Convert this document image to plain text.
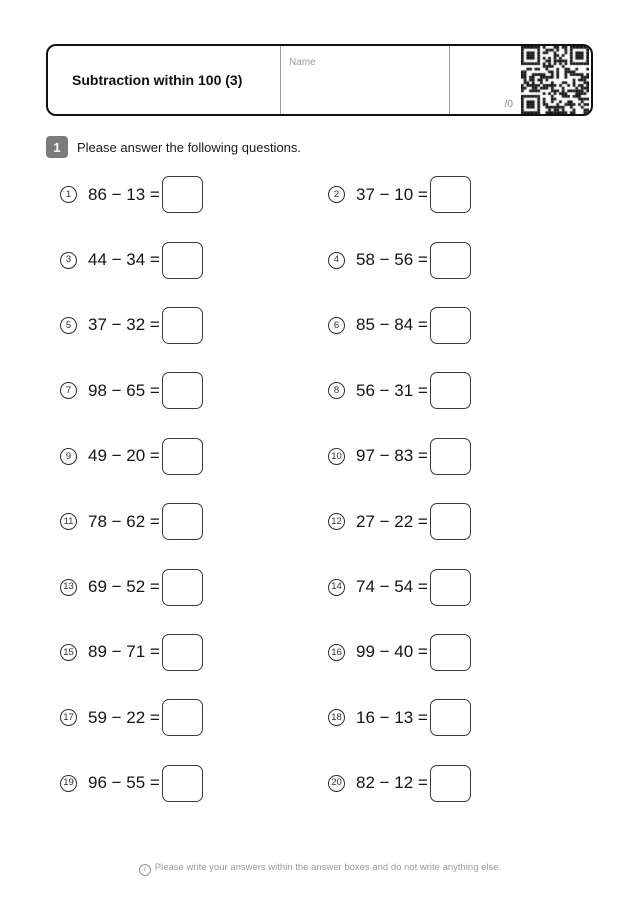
Subtraction within 100 (3)
Name
/0
1	Please answer the following questions.
1 86 − 13 =	2 37 − 10 =
3 44 − 34 =	4 58 − 56 =
5 37 − 32 =	6 85 − 84 =
7 98 − 65 =	8 56 − 31 =
9 49 − 20 =	10 97 − 83 =
11 78 − 62 =	12 27 − 22 =
13 69 − 52 =	14 74 − 54 =
15 89 − 71 =	16 99 − 40 =
17 59 − 22 =	18 16 − 13 =
19 96 − 55 =	20 82 − 12 =
i Please write your answers within the answer boxes and do not write anything else.
